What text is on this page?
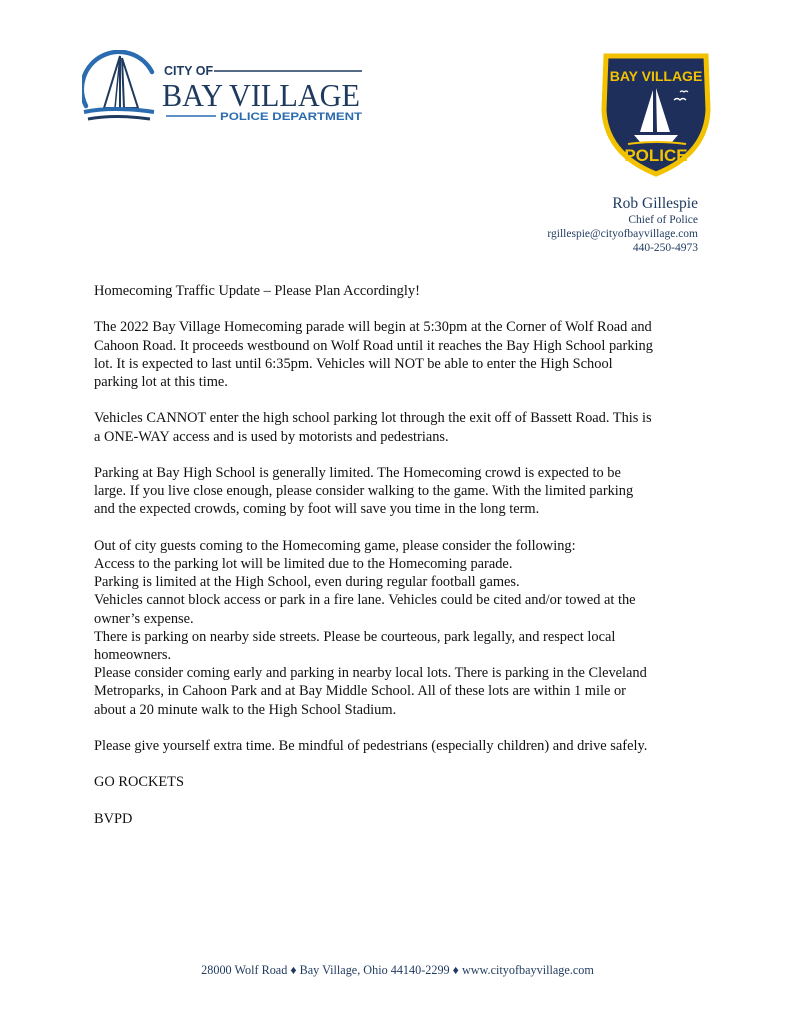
CITY OF
BAY VILLAGE
POLICE DEPARTMENT
BAY VILLAGE
POLICE
Rob Gillespie
Chief of Police
rgillespie@cityofbayvillage.com
440-250-4973

Homecoming Traffic Update – Please Plan Accordingly!

The 2022 Bay Village Homecoming parade will begin at 5:30pm at the Corner of Wolf Road and
Cahoon Road. It proceeds westbound on Wolf Road until it reaches the Bay High School parking
lot. It is expected to last until 6:35pm. Vehicles will NOT be able to enter the High School
parking lot at this time.

Vehicles CANNOT enter the high school parking lot through the exit off of Bassett Road. This is
a ONE-WAY access and is used by motorists and pedestrians.

Parking at Bay High School is generally limited. The Homecoming crowd is expected to be
large. If you live close enough, please consider walking to the game. With the limited parking
and the expected crowds, coming by foot will save you time in the long term.

Out of city guests coming to the Homecoming game, please consider the following:
Access to the parking lot will be limited due to the Homecoming parade.
Parking is limited at the High School, even during regular football games.
Vehicles cannot block access or park in a fire lane. Vehicles could be cited and/or towed at the
owner’s expense.
There is parking on nearby side streets. Please be courteous, park legally, and respect local
homeowners.
Please consider coming early and parking in nearby local lots. There is parking in the Cleveland
Metroparks, in Cahoon Park and at Bay Middle School. All of these lots are within 1 mile or
about a 20 minute walk to the High School Stadium.

Please give yourself extra time. Be mindful of pedestrians (especially children) and drive safely.

GO ROCKETS

BVPD

28000 Wolf Road ♦ Bay Village, Ohio 44140-2299 ♦ www.cityofbayvillage.com
